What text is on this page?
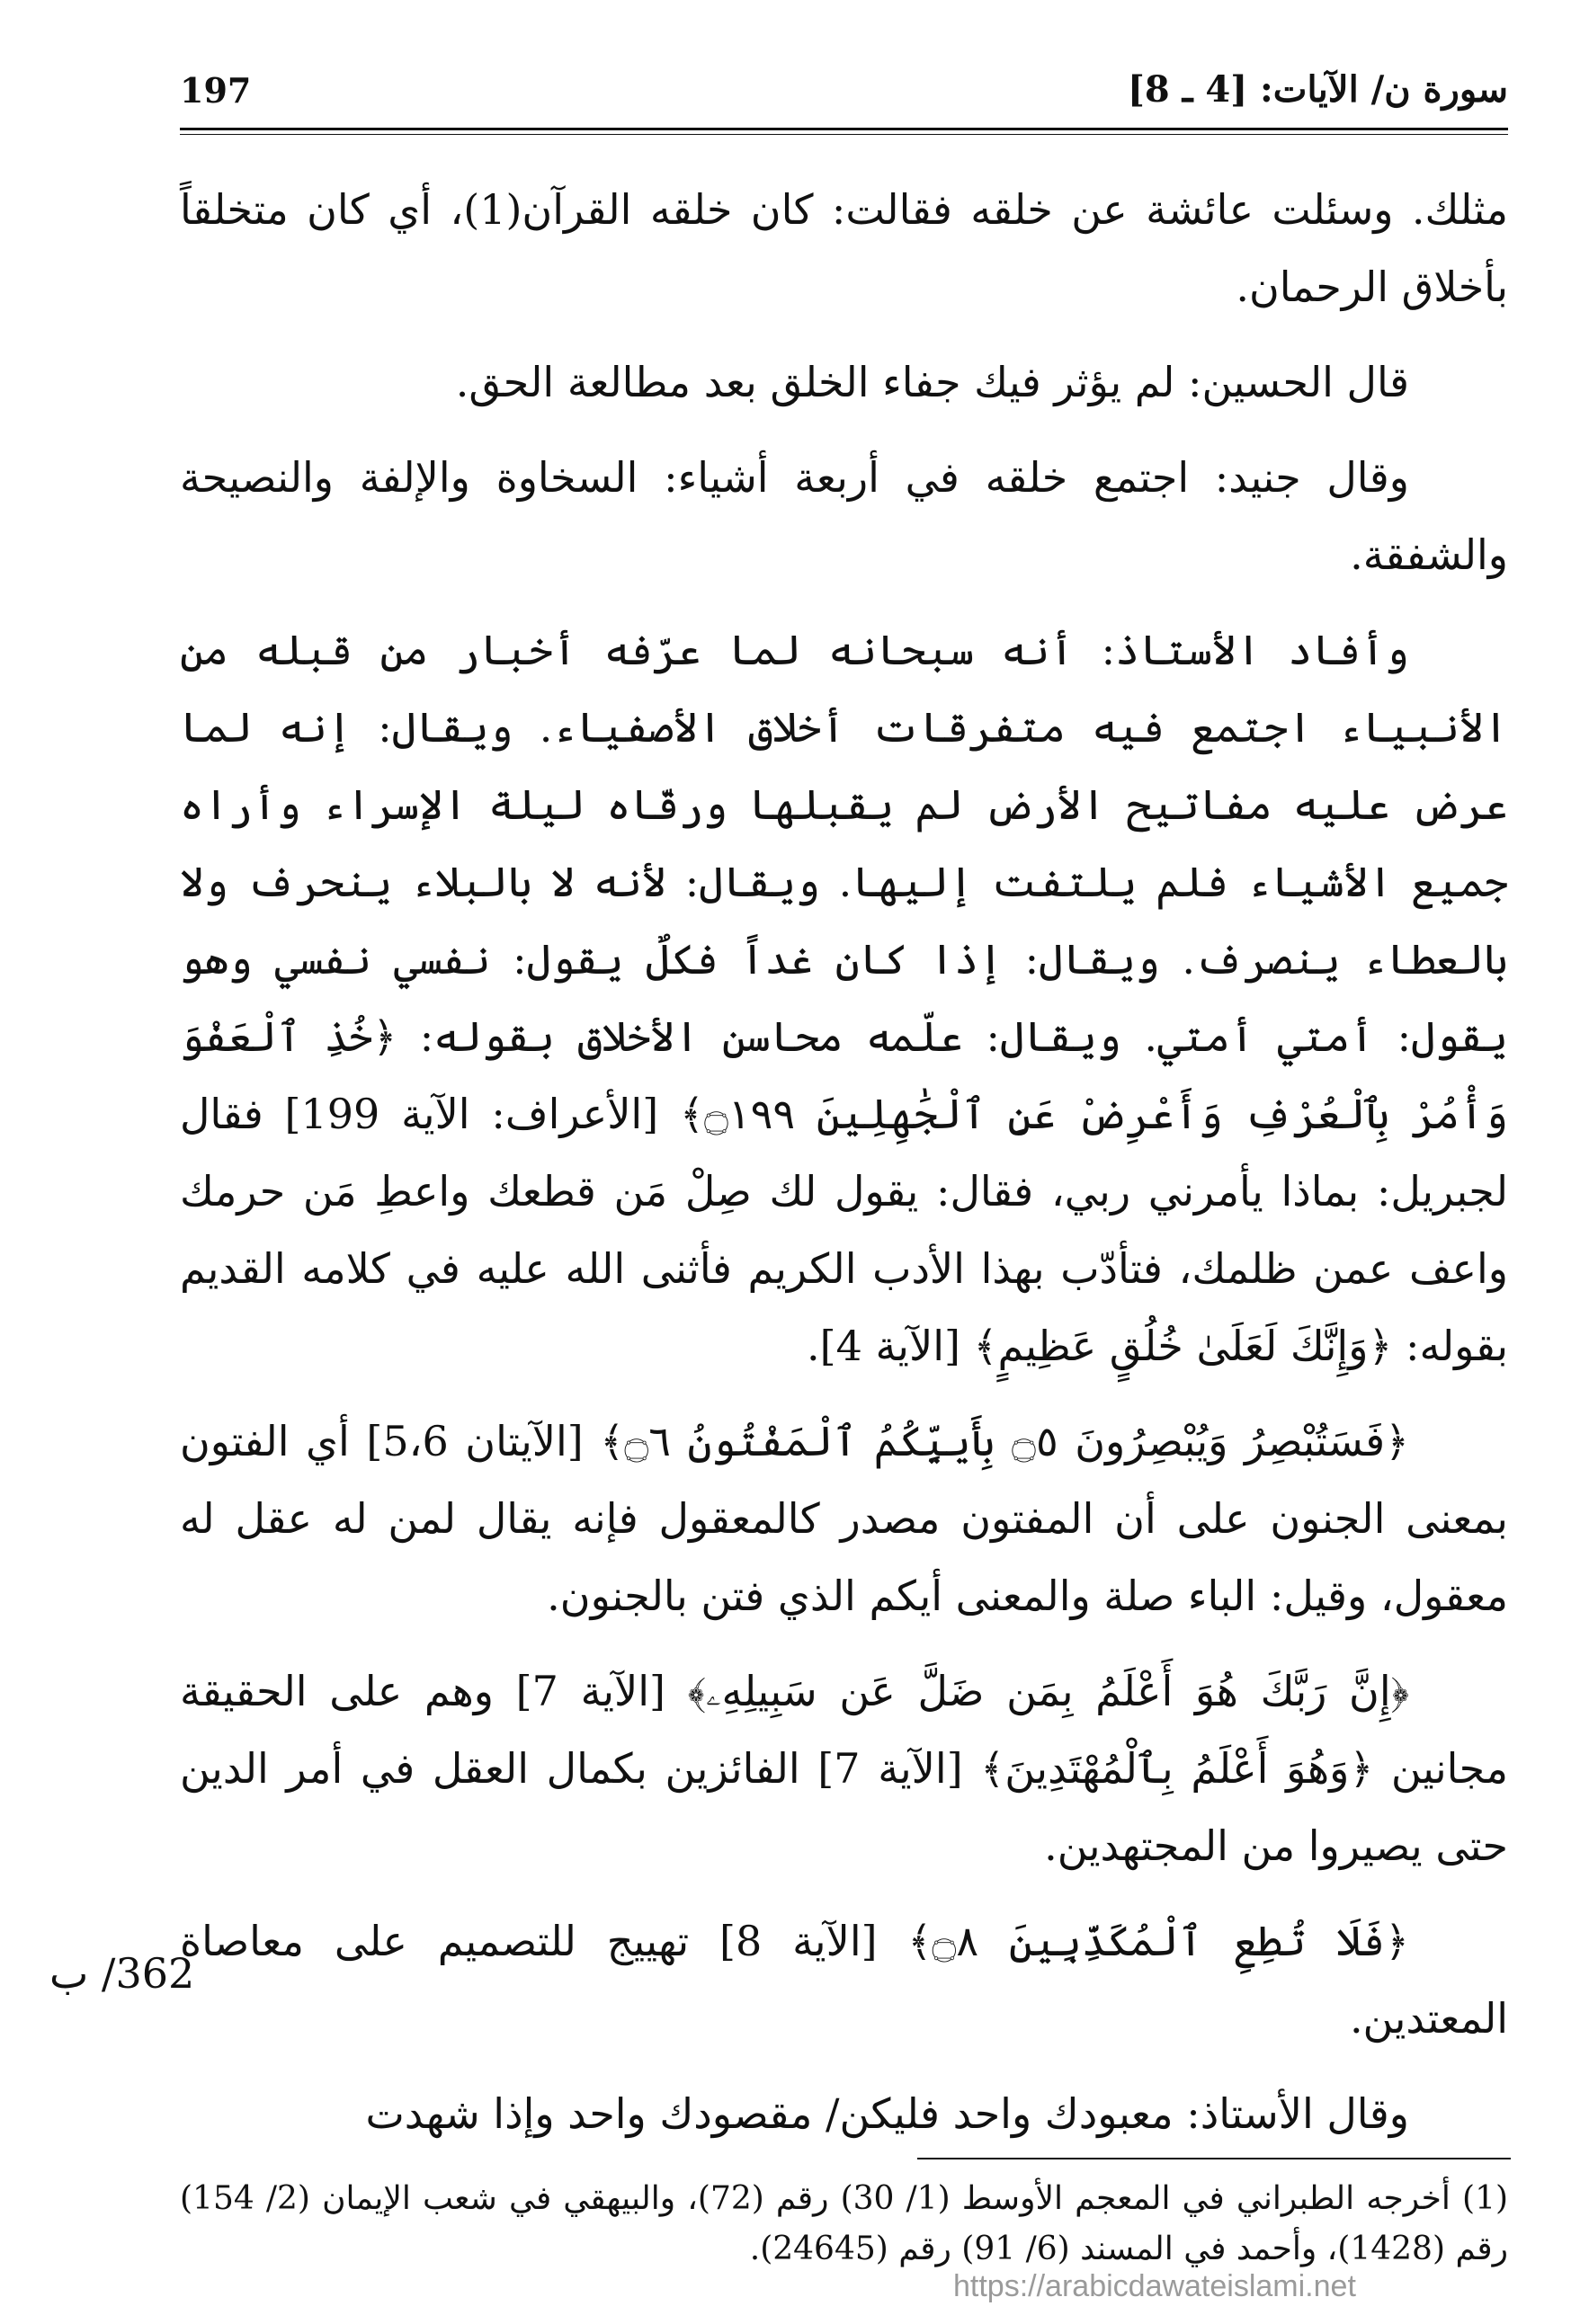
سورة ن/ الآيات: [4 ـ 8]
197

مثلك. وسئلت عائشة عن خلقه فقالت: كان خلقه القرآن(1)، أي كان متخلقاً بأخلاق الرحمان.

قال الحسين: لم يؤثر فيك جفاء الخلق بعد مطالعة الحق.

وقال جنيد: اجتمع خلقه في أربعة أشياء: السخاوة والإلفة والنصيحة والشفقة.

وأفاد الأستاذ: أنه سبحانه لما عرّفه أخبار من قبله من الأنبياء اجتمع فيه متفرقات أخلاق الأصفياء. ويقال: إنه لما عرض عليه مفاتيح الأرض لم يقبلها ورقّاه ليلة الإسراء وأراه جميع الأشياء فلم يلتفت إليها. ويقال: لأنه لا بالبلاء ينحرف ولا بالعطاء ينصرف. ويقال: إذا كان غداً فكلٌ يقول: نفسي نفسي وهو يقول: أمتي أمتي. ويقال: علّمه محاسن الأخلاق بقوله: ﴿خُذِ ٱلْعَفْوَ وَأْمُرْ بِٱلْعُرْفِ وَأَعْرِضْ عَنِ ٱلْجَٰهِلِينَ ۝١٩٩﴾ [الأعراف: الآية 199] فقال لجبريل: بماذا يأمرني ربي، فقال: يقول لك صِلْ مَن قطعك واعطِ مَن حرمك واعف عمن ظلمك، فتأدّب بهذا الأدب الكريم فأثنى الله عليه في كلامه القديم بقوله: ﴿وَإِنَّكَ لَعَلَىٰ خُلُقٍ عَظِيمٍ﴾ [الآية 4].

﴿فَسَتُبْصِرُ وَيُبْصِرُونَ ۝٥ بِأَييِّكُمُ ٱلْمَفْتُونُ ۝٦﴾ [الآيتان 5،6] أي الفتون بمعنى الجنون على أن المفتون مصدر كالمعقول فإنه يقال لمن له عقل له معقول، وقيل: الباء صلة والمعنى أيكم الذي فتن بالجنون.

﴿إِنَّ رَبَّكَ هُوَ أَعْلَمُ بِمَن ضَلَّ عَن سَبِيلِهِۦ﴾ [الآية 7] وهم على الحقيقة مجانين ﴿وَهُوَ أَعْلَمُ بِٱلْمُهْتَدِينَ﴾ [الآية 7] الفائزين بكمال العقل في أمر الدين حتى يصيروا من المجتهدين.

﴿فَلَا تُطِعِ ٱلْمُكَذِّبِينَ ۝٨﴾ [الآية 8] تهييج للتصميم على معاصاة المعتدين.

وقال الأستاذ: معبودك واحد فليكن/ مقصودك واحد وإذا شهدت

362/ ب

(1) أخرجه الطبراني في المعجم الأوسط (1/ 30) رقم (72)، والبيهقي في شعب الإيمان (2/ 154) رقم (1428)، وأحمد في المسند (6/ 91) رقم (24645).

https://arabicdawateislami.net
